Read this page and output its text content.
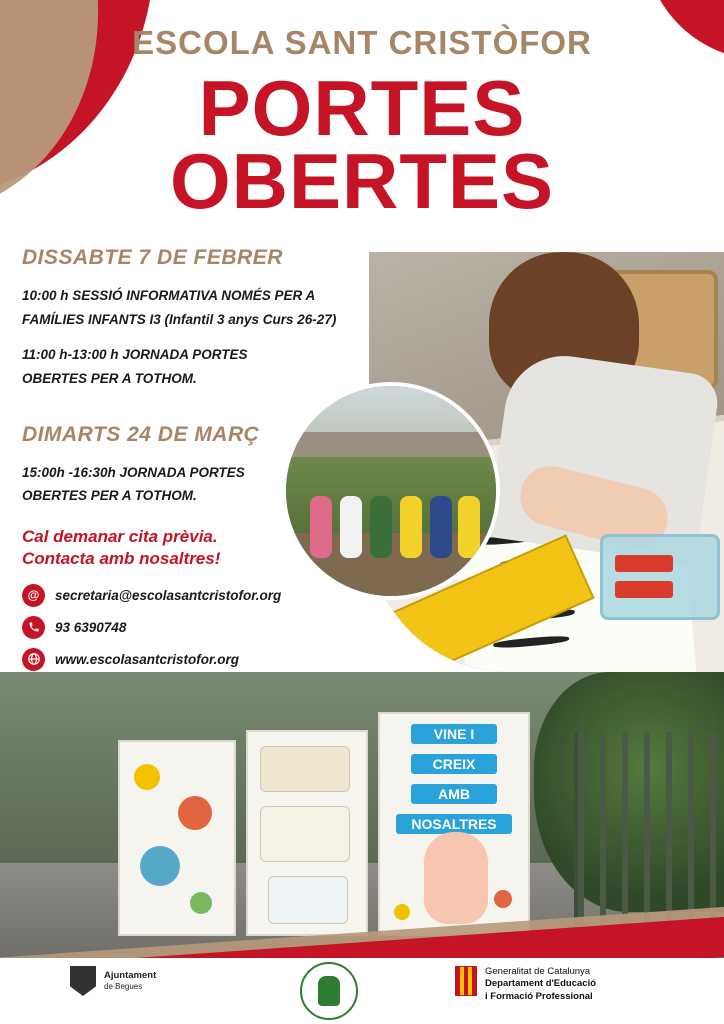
ESCOLA SANT CRISTÒFOR
PORTES
OBERTES
DISSABTE 7 DE FEBRER
10:00 h SESSIÓ INFORMATIVA NOMÉS PER A
FAMÍLIES INFANTS I3 (Infantil 3 anys Curs 26-27)
11:00 h-13:00 h JORNADA PORTES
OBERTES PER A TOTHOM.
DIMARTS 24 DE MARÇ
15:00h -16:30h JORNADA PORTES
OBERTES PER A TOTHOM.
Cal demanar cita prèvia.
Contacta amb nosaltres!
@	secretaria@escolasantcristofor.org
93 6390748
www.escolasantcristofor.org
VINE I
CREIX
AMB
NOSALTRES
Ajuntament
de Begues
Generalitat de Catalunya
Departament d'Educació
i Formació Professional
